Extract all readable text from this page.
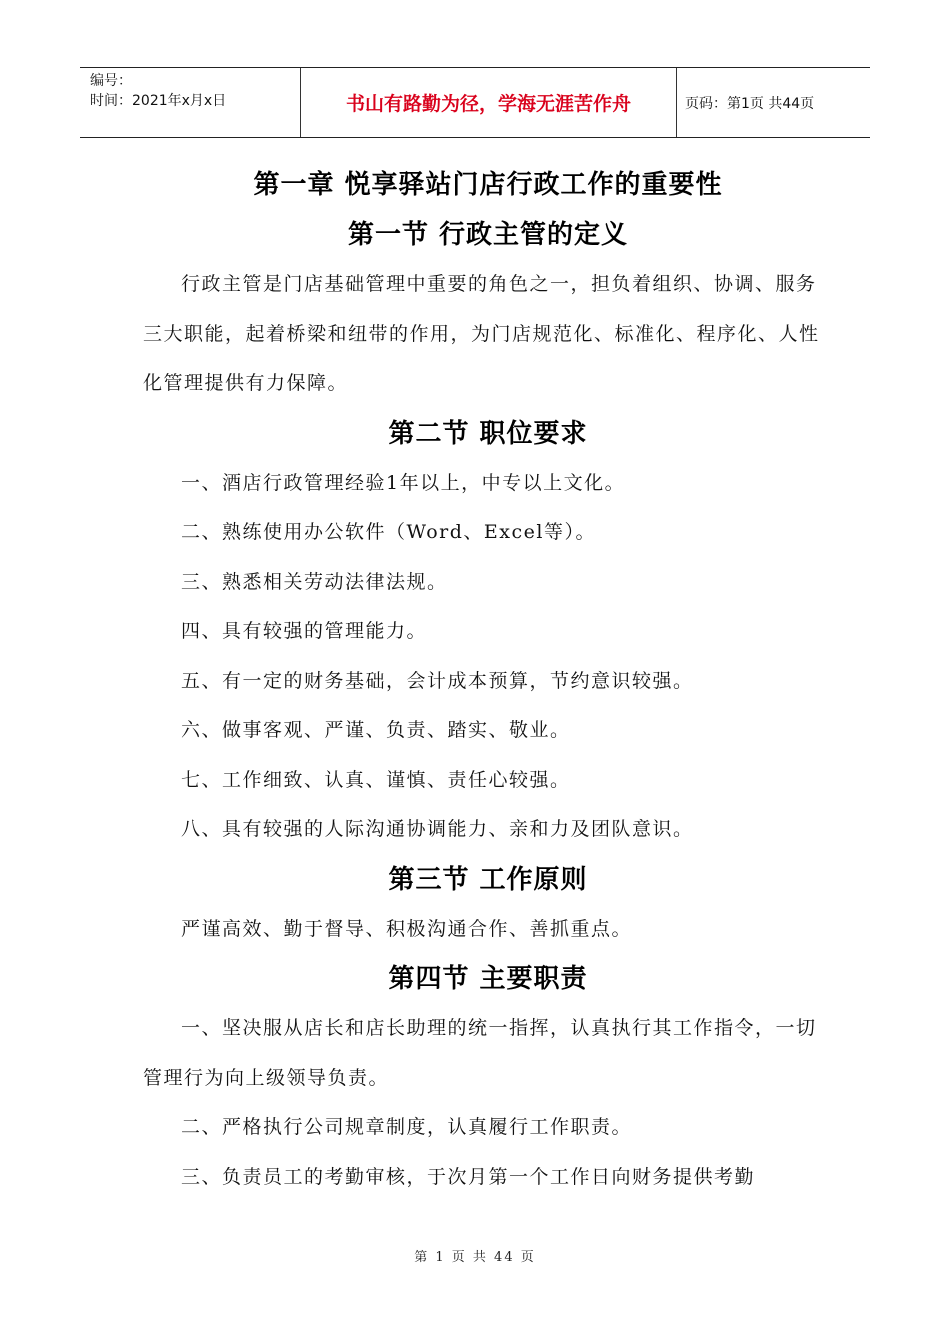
编号：
时间：2021年x月x日	书山有路勤为径，学海无涯苦作舟	页码：第1页 共44页
第一章 悦享驿站门店行政工作的重要性
第一节 行政主管的定义

行政主管是门店基础管理中重要的角色之一，担负着组织、协调、服务三大职能，起着桥梁和纽带的作用，为门店规范化、标准化、程序化、人性化管理提供有力保障。

第二节 职位要求

一、酒店行政管理经验1年以上，中专以上文化。

二、熟练使用办公软件（Word、Excel等）。

三、熟悉相关劳动法律法规。

四、具有较强的管理能力。

五、有一定的财务基础，会计成本预算，节约意识较强。

六、做事客观、严谨、负责、踏实、敬业。

七、工作细致、认真、谨慎、责任心较强。

八、具有较强的人际沟通协调能力、亲和力及团队意识。

第三节 工作原则

严谨高效、勤于督导、积极沟通合作、善抓重点。

第四节 主要职责

一、坚决服从店长和店长助理的统一指挥，认真执行其工作指令，一切管理行为向上级领导负责。

二、严格执行公司规章制度，认真履行工作职责。

三、负责员工的考勤审核，于次月第一个工作日向财务提供考勤

第 1 页 共 44 页
